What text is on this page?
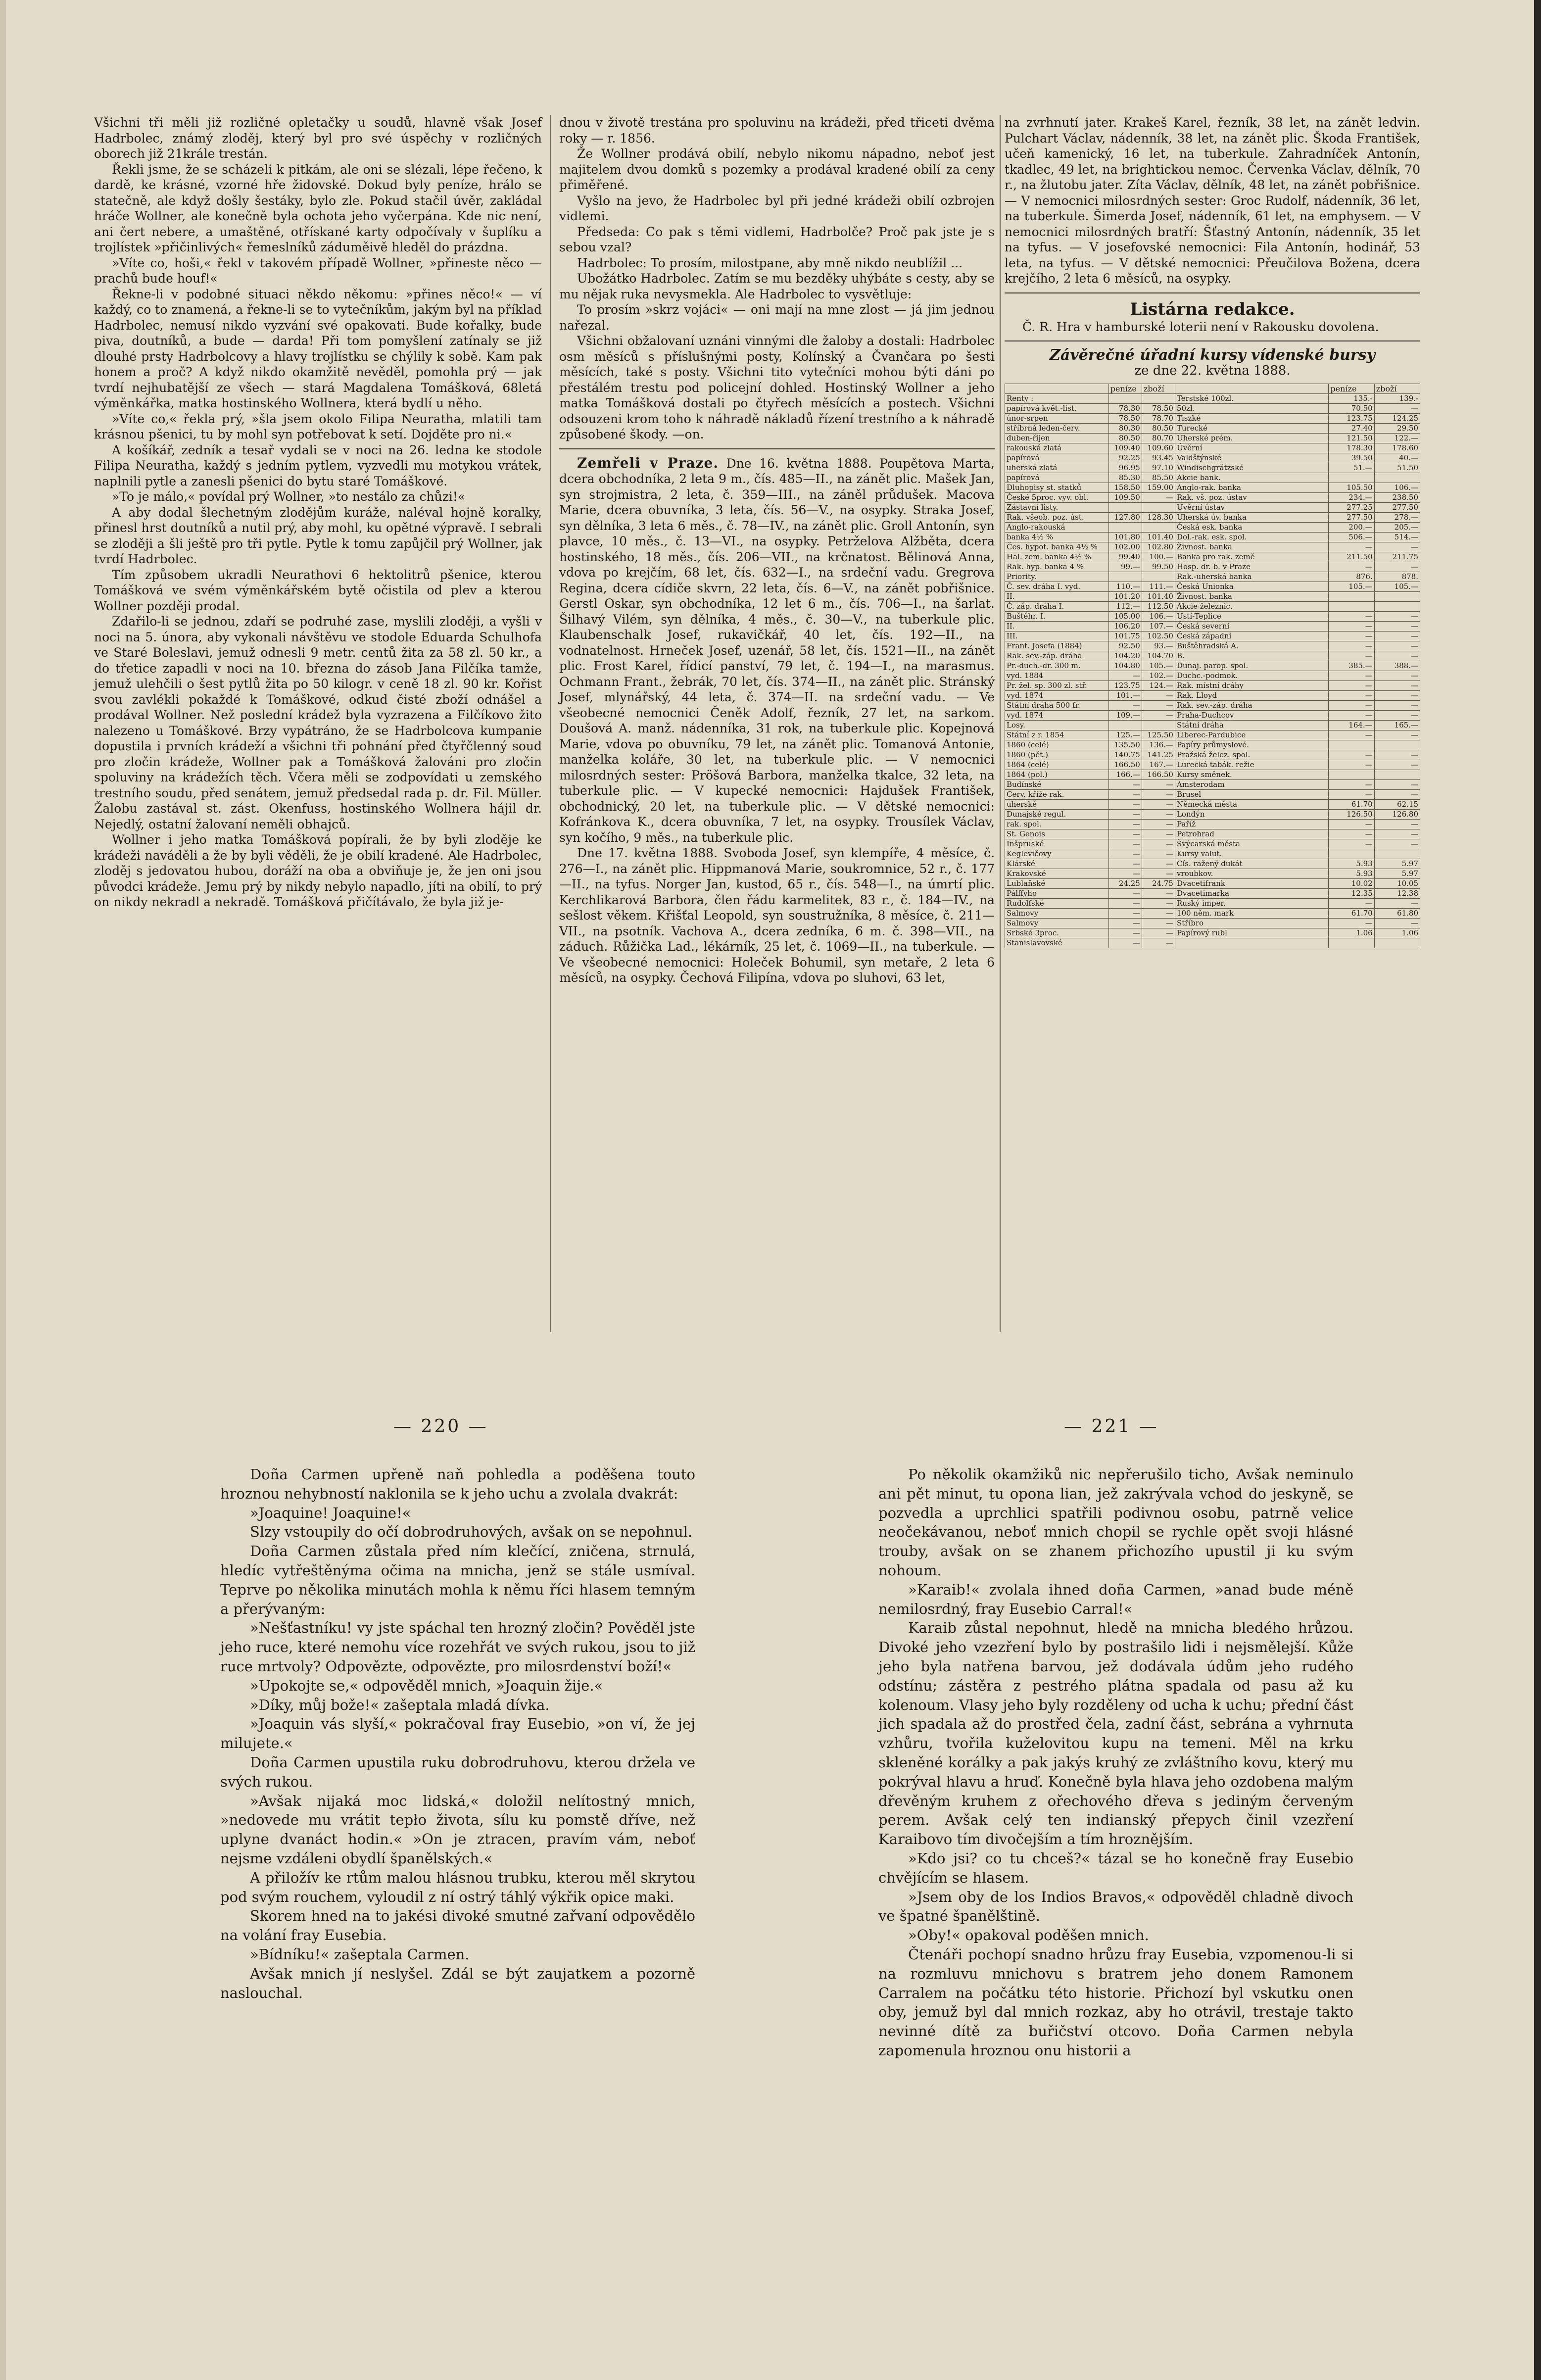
Všichni tři měli již rozličné opletačky u soudů, hlavně však Josef Hadrbolec, známý zloděj, který byl pro své úspěchy v rozličných oborech již 21krále trestán.

Řekli jsme, že se scházeli k pitkám, ale oni se slézali, lépe řečeno, k dardě, ke krásné, vzorné hře židovské. Dokud byly peníze, hrálo se statečně, ale když došly šestáky, bylo zle. Pokud stačil úvěr, zakládal hráče Wollner, ale konečně byla ochota jeho vyčerpána. Kde nic není, ani čert nebere, a umaštěné, otřískané karty odpočívaly v šuplíku a trojlístek »přičinlivých« řemeslníků záduměivě hleděl do prázdna.

»Víte co, hoši,« řekl v takovém případě Wollner, »přineste něco — prachů bude houf!«

Řekne-li v podobné situaci někdo někomu: »přines něco!« — ví každý, co to znamená, a řekne-li se to vytečníkům, jakým byl na příklad Hadrbolec, nemusí nikdo vyzvání své opakovati. Bude kořalky, bude piva, doutníků, a bude — darda! Při tom pomyšlení zatínaly se již dlouhé prsty Hadrbolcovy a hlavy trojlístku se chýlily k sobě. Kam pak honem a proč? A když nikdo okamžitě nevěděl, pomohla prý — jak tvrdí nejhubatější ze všech — stará Magdalena Tomášková, 68letá výměnkářka, matka hostinského Wollnera, která bydlí u něho.

»Víte co,« řekla prý, »šla jsem okolo Filipa Neuratha, mlatili tam krásnou pšenici, tu by mohl syn potřebovat k setí. Dojděte pro ni.«

A košíkář, zedník a tesař vydali se v noci na 26. ledna ke stodole Filipa Neuratha, každý s jedním pytlem, vyzvedli mu motykou vrátek, naplnili pytle a zanesli pšenici do bytu staré Tomáškové.

»To je málo,« povídal prý Wollner, »to nestálo za chůzi!«

A aby dodal šlechetným zlodějům kuráže, naléval hojně koralky, přinesl hrst doutníků a nutil prý, aby mohl, ku opětné výpravě. I sebrali se zloději a šli ještě pro tři pytle. Pytle k tomu zapůjčil prý Wollner, jak tvrdí Hadrbolec.

Tím způsobem ukradli Neurathovi 6 hektolitrů pšenice, kterou Tomášková ve svém výměnkářském bytě očistila od plev a kterou Wollner později prodal.

Zdařilo-li se jednou, zdaří se podruhé zase, myslili zloději, a vyšli v noci na 5. února, aby vykonali návštěvu ve stodole Eduarda Schulhofa ve Staré Boleslavi, jemuž odnesli 9 metr. centů žita za 58 zl. 50 kr., a do třetice zapadli v noci na 10. března do zásob Jana Filčíka tamže, jemuž ulehčili o šest pytlů žita po 50 kilogr. v ceně 18 zl. 90 kr. Kořist svou zavlékli pokaždé k Tomáškové, odkud čisté zboží odnášel a prodával Wollner. Než poslední krádež byla vyzrazena a Filčíkovo žito nalezeno u Tomáškové. Brzy vypátráno, že se Hadrbolcova kumpanie dopustila i prvních krádeží a všichni tři pohnání před čtyřčlenný soud pro zločin krádeže, Wollner pak a Tomášková žalováni pro zločin spoluviny na krádežích těch. Včera měli se zodpovídati u zemského trestního soudu, před senátem, jemuž předsedal rada p. dr. Fil. Müller. Žalobu zastával st. zást. Okenfuss, hostinského Wollnera hájil dr. Nejedlý, ostatní žalovaní neměli obhajců.

Wollner i jeho matka Tomášková popírali, že by byli zloděje ke krádeži naváděli a že by byli věděli, že je obilí kradené. Ale Hadrbolec, zloděj s jedovatou hubou, doráží na oba a obviňuje je, že jen oni jsou původci krádeže. Jemu prý by nikdy nebylo napadlo, jíti na obilí, to prý on nikdy nekradl a nekradě. Tomášková přičítávalo, že byla již je-

dnou v životě trestána pro spoluvinu na krádeži, před třiceti dvěma roky — r. 1856.

Že Wollner prodává obilí, nebylo nikomu nápadno, neboť jest majitelem dvou domků s pozemky a prodával kradené obilí za ceny přiměřené.

Vyšlo na jevo, že Hadrbolec byl při jedné krádeži obilí ozbrojen vidlemi.

Předseda: Co pak s těmi vidlemi, Hadrbolče? Proč pak jste je s sebou vzal?

Hadrbolec: To prosím, milostpane, aby mně nikdo neublížil ...

Ubožátko Hadrbolec. Zatím se mu bezděky uhýbáte s cesty, aby se mu nějak ruka nevysmekla. Ale Hadrbolec to vysvětluje:

To prosím »skrz vojáci« — oni mají na mne zlost — já jim jednou nařezal.

Všichni obžalovaní uznáni vinnými dle žaloby a dostali: Hadrbolec osm měsíců s příslušnými posty, Kolínský a Čvančara po šesti měsících, také s posty. Všichni tito vytečníci mohou býti dáni po přestálém trestu pod policejní dohled. Hostinský Wollner a jeho matka Tomášková dostali po čtyřech měsících a postech. Všichni odsouzeni krom toho k náhradě nákladů řízení trestního a k náhradě způsobené škody. —on.

Zemřeli v Praze. Dne 16. května 1888. Poupětova Marta, dcera obchodníka, 2 leta 9 m., čís. 485—II., na zánět plic. Mašek Jan, syn strojmistra, 2 leta, č. 359—III., na záněl průdušek. Macova Marie, dcera obuvníka, 3 leta, čís. 56—V., na osypky. Straka Josef, syn dělníka, 3 leta 6 měs., č. 78—IV., na zánět plic. Groll Antonín, syn plavce, 10 měs., č. 13—VI., na osypky. Petrželova Alžběta, dcera hostinského, 18 měs., čís. 206—VII., na krčnatost. Bělinová Anna, vdova po krejčím, 68 let, čís. 632—I., na srdeční vadu. Gregrova Regina, dcera cídiče skvrn, 22 leta, čís. 6—V., na zánět pobřišnice. Gerstl Oskar, syn obchodníka, 12 let 6 m., čís. 706—I., na šarlat. Šilhavý Vilém, syn dělníka, 4 měs., č. 30—V., na tuberkule plic. Klaubenschalk Josef, rukavičkář, 40 let, čís. 192—II., na vodnatelnost. Hrneček Josef, uzenář, 58 let, čís. 1521—II., na zánět plic. Frost Karel, řídicí panství, 79 let, č. 194—I., na marasmus. Ochmann Frant., žebrák, 70 let, čís. 374—II., na zánět plic. Stránský Josef, mlynářský, 44 leta, č. 374—II. na srdeční vadu. — Ve všeobecné nemocnici Čeněk Adolf, řezník, 27 let, na sarkom. Doušová A. manž. nádenníka, 31 rok, na tuberkule plic. Kopejnová Marie, vdova po obuvníku, 79 let, na zánět plic. Tomanová Antonie, manželka koláře, 30 let, na tuberkule plic. — V nemocnici milosrdných sester: Pröšová Barbora, manželka tkalce, 32 leta, na tuberkule plic. — V kupecké nemocnici: Hajdušek František, obchodnický, 20 let, na tuberkule plic. — V dětské nemocnici: Kofránkova K., dcera obuvníka, 7 let, na osypky. Trousílek Václav, syn kočího, 9 měs., na tuberkule plic.

Dne 17. května 1888. Svoboda Josef, syn klempíře, 4 měsíce, č. 276—I., na zánět plic. Hippmanová Marie, soukromnice, 52 r., č. 177—II., na tyfus. Norger Jan, kustod, 65 r., čís. 548—I., na úmrtí plic. Kerchlikarová Barbora, člen řádu karmelitek, 83 r., č. 184—IV., na sešlost věkem. Křišťal Leopold, syn soustružníka, 8 měsíce, č. 211—VII., na psotník. Vachova A., dcera zedníka, 6 m. č. 398—VII., na záduch. Růžička Lad., lékárník, 25 let, č. 1069—II., na tuberkule. — Ve všeobecné nemocnici: Holeček Bohumil, syn metaře, 2 leta 6 měsíců, na osypky. Čechová Filipína, vdova po sluhovi, 63 let,

na zvrhnutí jater. Krakeš Karel, řezník, 38 let, na zánět ledvin. Pulchart Václav, nádenník, 38 let, na zánět plic. Škoda František, učeň kamenický, 16 let, na tuberkule. Zahradníček Antonín, tkadlec, 49 let, na brightickou nemoc. Červenka Václav, dělník, 70 r., na žlutobu jater. Zíta Václav, dělník, 48 let, na zánět pobřišnice. — V nemocnici milosrdných sester: Groc Rudolf, nádenník, 36 let, na tuberkule. Šimerda Josef, nádenník, 61 let, na emphysem. — V nemocnici milosrdných bratří: Šťastný Antonín, nádenník, 35 let na tyfus. — V josefovské nemocnici: Fila Antonín, hodinář, 53 leta, na tyfus. — V dětské nemocnici: Přeučilova Božena, dcera krejčího, 2 leta 6 měsíců, na osypky.

Listárna redakce.

Č. R. Hra v hamburské loterii není v Rakousku dovolena.

Závěrečné úřadní kursy vídenské bursy
ze dne 22. května 1888.
	peníze	zboží		peníze	zboží
Renty :			Terstské 100zl.	135.-	139.-
papírová květ.-list.	78.30	78.50	50zl.	70.50	—
únor-srpen	78.50	78.70	Tiszké	123.75	124.25
stříbrná leden-červ.	80.30	80.50	Turecké	27.40	29.50
duben-říjen	80.50	80.70	Uherské prém.	121.50	122.—
rakouská zlatá	109.40	109.60	Úvěrní	178.30	178.60
papírová	92.25	93.45	Valdštýnské	39.50	40.—
uherská zlatá	96.95	97.10	Windischgrätzské	51.—	51.50
papírová	85.30	85.50	Akcie bank.		
Dluhopisy st. statků	158.50	159.00	Anglo-rak. banka	105.50	106.—
České 5proc. vyv. obl.	109.50	—	Rak. vš. poz. ústav	234.—	238.50
Zástavní listy.			Úvěrní ústav	277.25	277.50
Rak. všeob. poz. úst.	127.80	128.30	Uherská úv. banka	277.50	278.—
Anglo-rakouská			Česká esk. banka	200.—	205.—
banka 4½ %	101.80	101.40	Dol.-rak. esk. spol.	506.—	514.—
Čes. hypot. banka 4½ %	102.00	102.80	Živnost. banka	—	—
Hal. zem. banka 4½ %	99.40	100.—	Banka pro rak. země	211.50	211.75
Rak. hyp. banka 4 %	99.—	99.50	Hosp. dr. b. v Praze	—	—
Priority.			Rak.-uherská banka	876.	878.
Č. sev. dráha I. vyd.	110.—	111.—	Česká Unionka	105.—	105.—
II.	101.20	101.40	Živnost. banka		
Č. záp. dráha I.	112.—	112.50	Akcie železnic.		
Buštěhr. I.	105.00	106.—	Ústí-Teplice	—	—
II.	106.20	107.—	Česká severní	—	—
III.	101.75	102.50	Česká západní	—	—
Frant. Josefa (1884)	92.50	93.—	Buštěhradská A.	—	—
Rak. sev.-záp. dráha	104.20	104.70	B.	—	—
Pr.-duch.-dr. 300 m.	104.80	105.—	Dunaj. parop. spol.	385.—	388.—
vyd. 1884	—	102.—	Duchc.-podmok.	—	—
Pr. žel. sp. 300 zl. stř.	123.75	124.—	Rak. místní dráhy	—	—
vyd. 1874	101.—	—	Rak. Lloyd	—	—
Státní dráha 500 fr.	—	—	Rak. sev.-záp. dráha	—	—
vyd. 1874	109.—	—	Praha-Duchcov	—	—
Losy.			Státní dráha	164.—	165.—
Státní z r. 1854	125.—	125.50	Liberec-Pardubice	—	—
1860 (celé)	135.50	136.—	Papíry průmyslové.		
1860 (pět.)	140.75	141.25	Pražská želez. spol.	—	—
1864 (celé)	166.50	167.—	Lurecká tabák. režie	—	—
1864 (pol.)	166.—	166.50	Kursy směnek.		
Budínské	—	—	Amsterodam	—	—
Cerv. kříže rak.	—	—	Brusel	—	—
uherské	—	—	Německá města	61.70	62.15
Dunajské regul.	—	—	Londýn	126.50	126.80
rak. spol.	—	—	Paříž	—	—
St. Genois	—	—	Petrohrad	—	—
Inšpruské	—	—	Švýcarská města	—	—
Keglevičovy	—	—	Kursy valut.		
Klárské	—	—	Cís. ražený dukát	5.93	5.97
Krakovské	—	—	vroubkov.	5.93	5.97
Lublaňské	24.25	24.75	Dvacetifrank	10.02	10.05
Pálffyho	—	—	Dvacetimarka	12.35	12.38
Rudolfské	—	—	Ruský imper.	—	—
Salmovy	—	—	100 něm. mark	61.70	61.80
Salmovy	—	—	Stříbro	—	—
Srbské 3proc.	—	—	Papírový rubl	1.06	1.06
Stanislavovské	—	—			
— 220 —	— 221 —

Doña Carmen upřeně naň pohledla a poděšena touto hroznou nehybností naklonila se k jeho uchu a zvolala dvakrát:

»Joaquine! Joaquine!«

Slzy vstoupily do očí dobrodruhových, avšak on se nepohnul.

Doña Carmen zůstala před ním klečící, zničena, strnulá, hledíc vytřeštěnýma očima na mnicha, jenž se stále usmíval. Teprve po několika minutách mohla k němu říci hlasem temným a přerývaným:

»Nešťastníku! vy jste spáchal ten hrozný zločin? Pověděl jste jeho ruce, které nemohu více rozehřát ve svých rukou, jsou to již ruce mrtvoly? Odpovězte, odpovězte, pro milosrdenství boží!«

»Upokojte se,« odpověděl mnich, »Joaquin žije.«

»Díky, můj bože!« zašeptala mladá dívka.

»Joaquin vás slyší,« pokračoval fray Eusebio, »on ví, že jej milujete.«

Doña Carmen upustila ruku dobrodruhovu, kterou držela ve svých rukou.

»Avšak nijaká moc lidská,« doložil nelítostný mnich, »nedovede mu vrátit tepło života, sílu ku pomstě dříve, než uplyne dvanáct hodin.« »On je ztracen, pravím vám, neboť nejsme vzdáleni obydlí španělských.«

A přiložív ke rtům malou hlásnou trubku, kterou měl skrytou pod svým rouchem, vyloudil z ní ostrý táhlý výkřik opice maki.

Skorem hned na to jakési divoké smutné zařvaní odpovědělo na volání fray Eusebia.

»Bídníku!« zašeptala Carmen.

Avšak mnich jí neslyšel. Zdál se být zaujatkem a pozorně naslouchal.

Po několik okamžiků nic nepřerušilo ticho, Avšak neminulo ani pět minut, tu opona lian, jež zakrývala vchod do jeskyně, se pozvedla a uprchlici spatřili podivnou osobu, patrně velice neočekávanou, neboť mnich chopil se rychle opět svoji hlásné trouby, avšak on se zhanem přichozího upustil ji ku svým nohoum.

»Karaib!« zvolala ihned doña Carmen, »anad bude méně nemilosrdný, fray Eusebio Carral!«

Karaib zůstal nepohnut, hledě na mnicha bledého hrůzou. Divoké jeho vzezření bylo by postrašilo lidi i nejsmělejší. Kůže jeho byla natřena barvou, jež dodávala údům jeho rudého odstínu; zástěra z pestrého plátna spadala od pasu až ku kolenoum. Vlasy jeho byly rozděleny od ucha k uchu; přední část jich spadala až do prostřed čela, zadní část, sebrána a vyhrnuta vzhůru, tvořila kuželovitou kupu na temeni. Měl na krku skleněné korálky a pak jakýs kruhý ze zvláštního kovu, který mu pokrýval hlavu a hruď. Konečně byla hlava jeho ozdobena malým dřevěným kruhem z ořechového dřeva s jediným červeným perem. Avšak celý ten indianský přepych činil vzezření Karaibovo tím divočejším a tím hroznějším.

»Kdo jsi? co tu chceš?« tázal se ho konečně fray Eusebio chvějícím se hlasem.

»Jsem oby de los Indios Bravos,« odpověděl chladně divoch ve špatné španělštině.

»Oby!« opakoval poděšen mnich.

Čtenáři pochopí snadno hrůzu fray Eusebia, vzpomenou-li si na rozmluvu mnichovu s bratrem jeho donem Ramonem Carralem na počátku této historie. Přichozí byl vskutku onen oby, jemuž byl dal mnich rozkaz, aby ho otrávil, trestaje takto nevinné dítě za buřičství otcovo. Doña Carmen nebyla zapomenula hroznou onu historii a
